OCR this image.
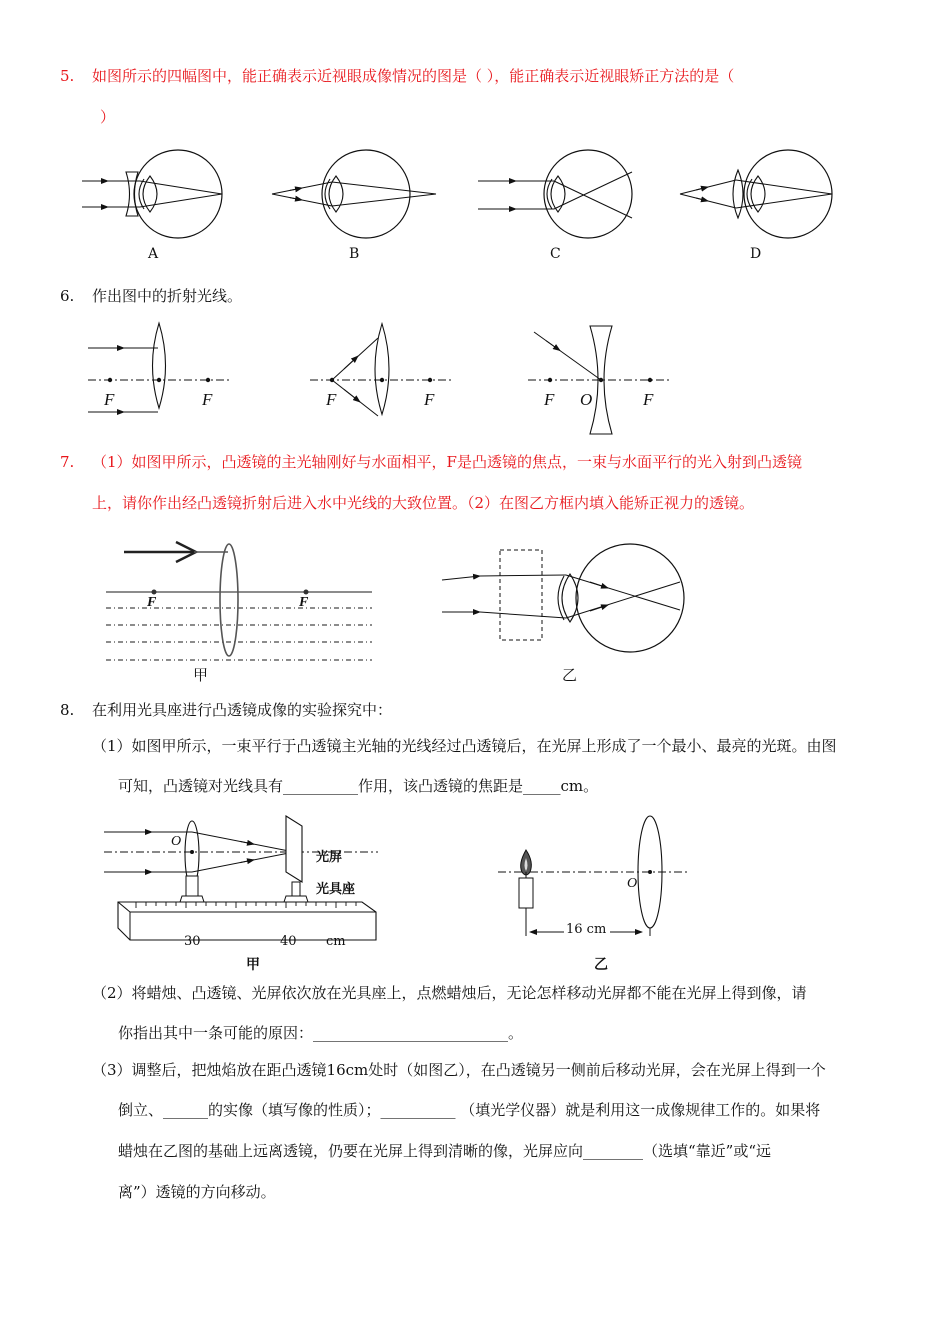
5. 如图所示的四幅图中，能正确表示近视眼成像情况的图是（ ），能正确表示近视眼矫正方法的是（
）
A	B	C	D
6. 作出图中的折射光线。
F	F	F	F	F O	F
7. （1）如图甲所示，凸透镜的主光轴刚好与水面相平，F是凸透镜的焦点，一束与水面平行的光入射到凸透镜
上，请你作出经凸透镜折射后进入水中光线的大致位置。（2）在图乙方框内填入能矫正视力的透镜。
F	F
甲	乙
8. 在利用光具座进行凸透镜成像的实验探究中：
（1）如图甲所示，一束平行于凸透镜主光轴的光线经过凸透镜后，在光屏上形成了一个最小、最亮的光斑。由图
可知，凸透镜对光线具有__________作用，该凸透镜的焦距是_____cm。
O
光屏
光具座
30	40 cm
甲
O
16 cm
乙
（2）将蜡烛、凸透镜、光屏依次放在光具座上，点燃蜡烛后，无论怎样移动光屏都不能在光屏上得到像，请
你指出其中一条可能的原因：__________________________。
（3）调整后，把烛焰放在距凸透镜16cm处时（如图乙），在凸透镜另一侧前后移动光屏，会在光屏上得到一个
倒立、______的实像（填写像的性质）；__________ （填光学仪器）就是利用这一成像规律工作的。如果将
蜡烛在乙图的基础上远离透镜，仍要在光屏上得到清晰的像，光屏应向________（选填“靠近”或“远
离”）透镜的方向移动。
